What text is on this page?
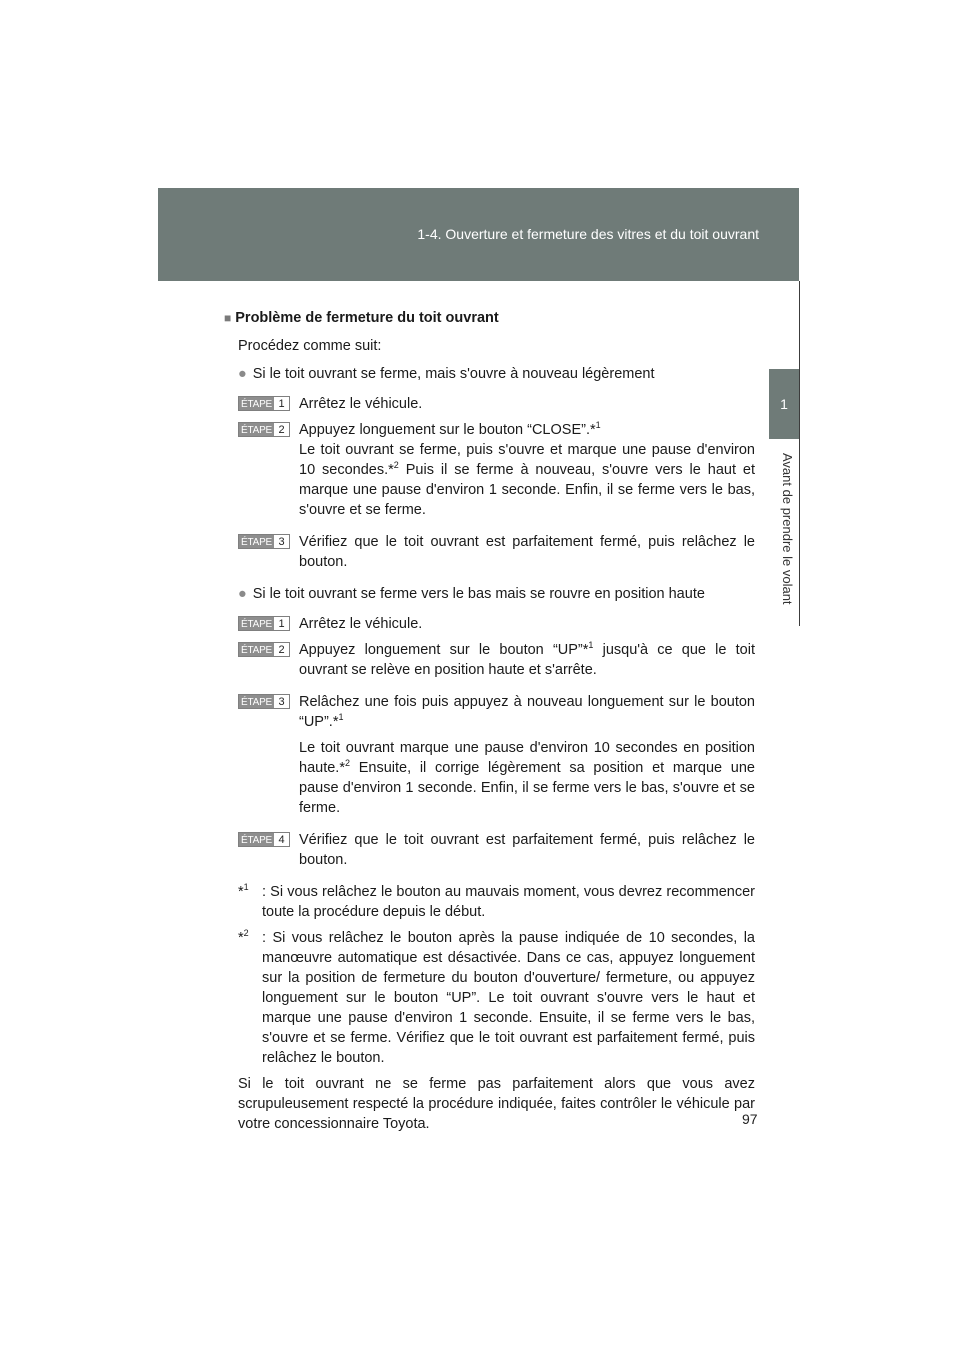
1-4. Ouverture et fermeture des vitres et du toit ouvrant
1
Avant de prendre le volant
■ Problème de fermeture du toit ouvrant
Procédez comme suit:
● Si le toit ouvrant se ferme, mais s'ouvre à nouveau légèrement
ÉTAPE 1 Arrêtez le véhicule.
ÉTAPE 2 Appuyez longuement sur le bouton “CLOSE”.*$^1$
Le toit ouvrant se ferme, puis s'ouvre et marque une pause d'environ 10 secondes.*$^2$ Puis il se ferme à nouveau, s'ouvre vers le haut et marque une pause d'environ 1 seconde. Enfin, il se ferme vers le bas, s'ouvre et se ferme.
ÉTAPE 3 Vérifiez que le toit ouvrant est parfaitement fermé, puis relâchez le bouton.
● Si le toit ouvrant se ferme vers le bas mais se rouvre en position haute
ÉTAPE 1 Arrêtez le véhicule.
ÉTAPE 2 Appuyez longuement sur le bouton “UP”*$^1$ jusqu'à ce que le toit ouvrant se relève en position haute et s'arrête.
ÉTAPE 3 Relâchez une fois puis appuyez à nouveau longuement sur le bouton “UP”.*$^1$
Le toit ouvrant marque une pause d'environ 10 secondes en position haute.*$^2$ Ensuite, il corrige légèrement sa position et marque une pause d'environ 1 seconde. Enfin, il se ferme vers le bas, s'ouvre et se ferme.
ÉTAPE 4 Vérifiez que le toit ouvrant est parfaitement fermé, puis relâchez le bouton.
*$^1$ : Si vous relâchez le bouton au mauvais moment, vous devrez recommencer toute la procédure depuis le début.
*$^2$ : Si vous relâchez le bouton après la pause indiquée de 10 secondes, la manœuvre automatique est désactivée. Dans ce cas, appuyez longuement sur la position de fermeture du bouton d'ouverture/ fermeture, ou appuyez longuement sur le bouton “UP”. Le toit ouvrant s'ouvre vers le haut et marque une pause d'environ 1 seconde. Ensuite, il se ferme vers le bas, s'ouvre et se ferme. Vérifiez que le toit ouvrant est parfaitement fermé, puis relâchez le bouton.
Si le toit ouvrant ne se ferme pas parfaitement alors que vous avez scrupuleusement respecté la procédure indiquée, faites contrôler le véhicule par votre concessionnaire Toyota.	97
